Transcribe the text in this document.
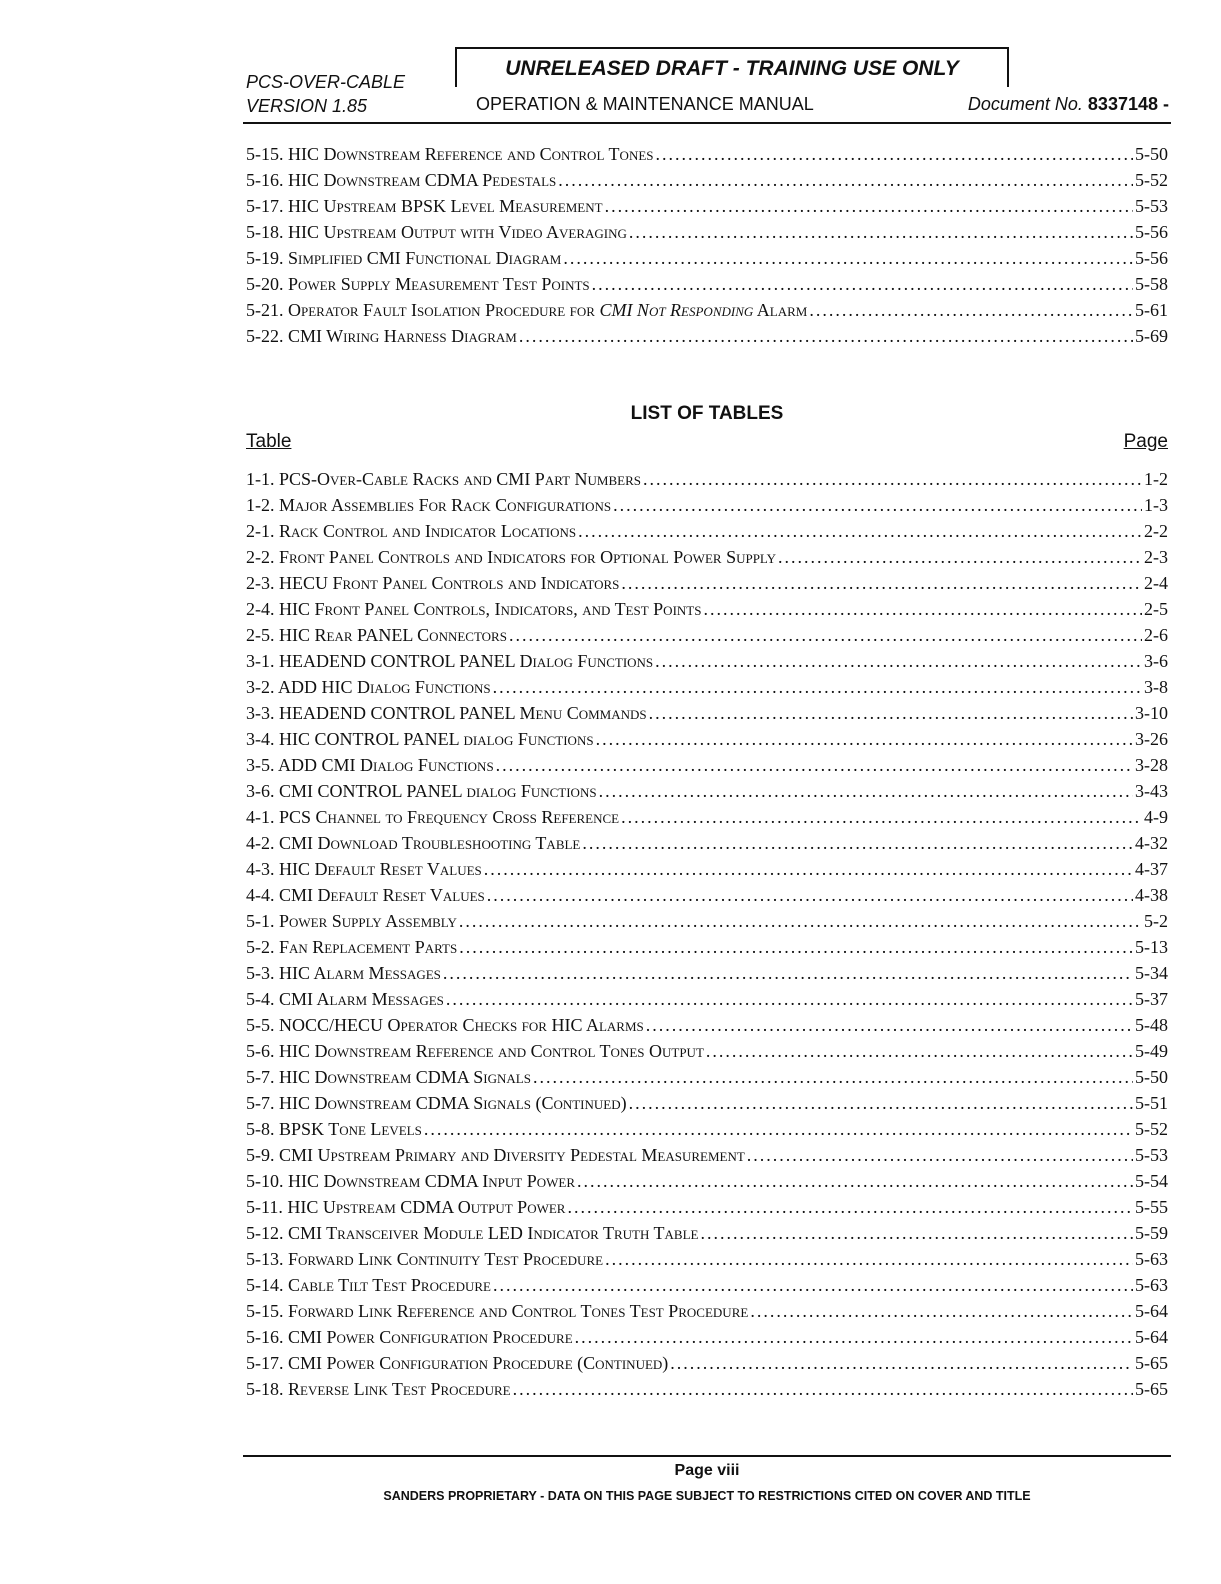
PCS-OVER-CABLE
VERSION 1.85
UNRELEASED DRAFT - TRAINING USE ONLY
OPERATION & MAINTENANCE MANUAL	Document No. 8337148 -
5-15. HIC Downstream Reference and Control Tones .....	5-50
5-16. HIC Downstream CDMA Pedestals .....	5-52
5-17. HIC Upstream BPSK Level Measurement .....	5-53
5-18. HIC Upstream Output with Video Averaging .....	5-56
5-19. Simplified CMI Functional Diagram .....	5-56
5-20. Power Supply Measurement Test Points .....	5-58
5-21. Operator Fault Isolation Procedure for CMI Not Responding Alarm .....	5-61
5-22. CMI Wiring Harness Diagram .....	5-69
LIST OF TABLES
Table	Page
1-1. PCS-Over-Cable Racks and CMI Part Numbers .....	1-2
1-2. Major Assemblies For Rack Configurations .....	1-3
2-1. Rack Control and Indicator Locations .....	2-2
2-2. Front Panel Controls and Indicators for Optional Power Supply .....	2-3
2-3. HECU Front Panel Controls and Indicators .....	2-4
2-4. HIC Front Panel Controls, Indicators, and Test Points .....	2-5
2-5. HIC Rear PANEL Connectors .....	2-6
3-1. HEADEND CONTROL PANEL Dialog Functions .....	3-6
3-2. ADD HIC Dialog Functions .....	3-8
3-3. HEADEND CONTROL PANEL Menu Commands .....	3-10
3-4. HIC CONTROL PANEL dialog Functions .....	3-26
3-5. ADD CMI Dialog Functions .....	3-28
3-6. CMI CONTROL PANEL dialog Functions .....	3-43
4-1. PCS Channel to Frequency Cross Reference .....	4-9
4-2. CMI Download Troubleshooting Table .....	4-32
4-3. HIC Default Reset Values .....	4-37
4-4. CMI Default Reset Values .....	4-38
5-1. Power Supply Assembly .....	5-2
5-2. Fan Replacement Parts .....	5-13
5-3. HIC Alarm Messages .....	5-34
5-4. CMI Alarm Messages .....	5-37
5-5. NOCC/HECU Operator Checks for HIC Alarms .....	5-48
5-6. HIC Downstream Reference and Control Tones Output .....	5-49
5-7. HIC Downstream CDMA Signals .....	5-50
5-7. HIC Downstream CDMA Signals (Continued) .....	5-51
5-8. BPSK Tone Levels .....	5-52
5-9. CMI Upstream Primary and Diversity Pedestal Measurement .....	5-53
5-10. HIC Downstream CDMA Input Power .....	5-54
5-11. HIC Upstream CDMA Output Power .....	5-55
5-12. CMI Transceiver Module LED Indicator Truth Table .....	5-59
5-13. Forward Link Continuity Test Procedure .....	5-63
5-14. Cable Tilt Test Procedure .....	5-63
5-15. Forward Link Reference and Control Tones Test Procedure .....	5-64
5-16. CMI Power Configuration Procedure .....	5-64
5-17. CMI Power Configuration Procedure (Continued) .....	5-65
5-18. Reverse Link Test Procedure .....	5-65
Page viii
SANDERS PROPRIETARY - DATA ON THIS PAGE SUBJECT TO RESTRICTIONS CITED ON COVER AND TITLE
